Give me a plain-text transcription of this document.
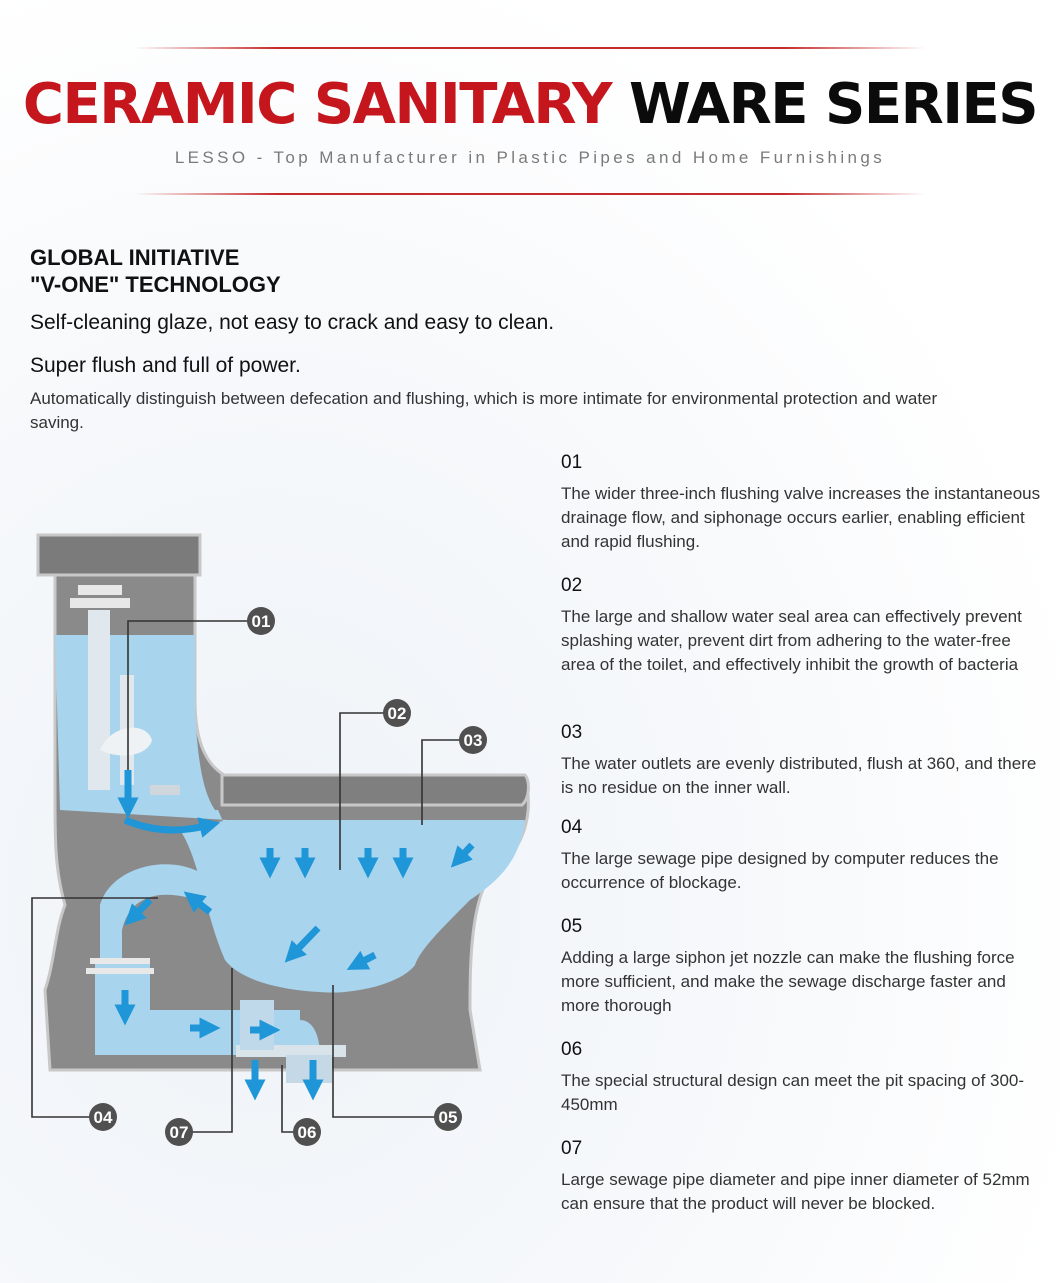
CERAMIC SANITARY WARE SERIES
LESSO - Top Manufacturer in Plastic Pipes and Home Furnishings
GLOBAL INITIATIVE
"V-ONE" TECHNOLOGY
Self-cleaning glaze, not easy to crack and easy to clean.
Super flush and full of power.
Automatically distinguish between defecation and flushing, which is more intimate for environmental protection and water saving.
01
The wider three-inch flushing valve increases the instantaneous drainage flow, and siphonage occurs earlier, enabling efficient and rapid flushing.
02
The large and shallow water seal area can effectively prevent splashing water, prevent dirt from adhering to the water-free area of the toilet, and effectively inhibit the growth of bacteria
03
The water outlets are evenly distributed, flush at 360, and there is no residue on the inner wall.
04
The large sewage pipe designed by computer reduces the occurrence of blockage.
05
Adding a large siphon jet nozzle can make the flushing force more sufficient, and make the sewage discharge faster and more thorough
06
The special structural design can meet the pit spacing of 300-450mm
07
Large sewage pipe diameter and pipe inner diameter of 52mm can ensure that the product will never be blocked.
01
02
03
04	05
06
07
